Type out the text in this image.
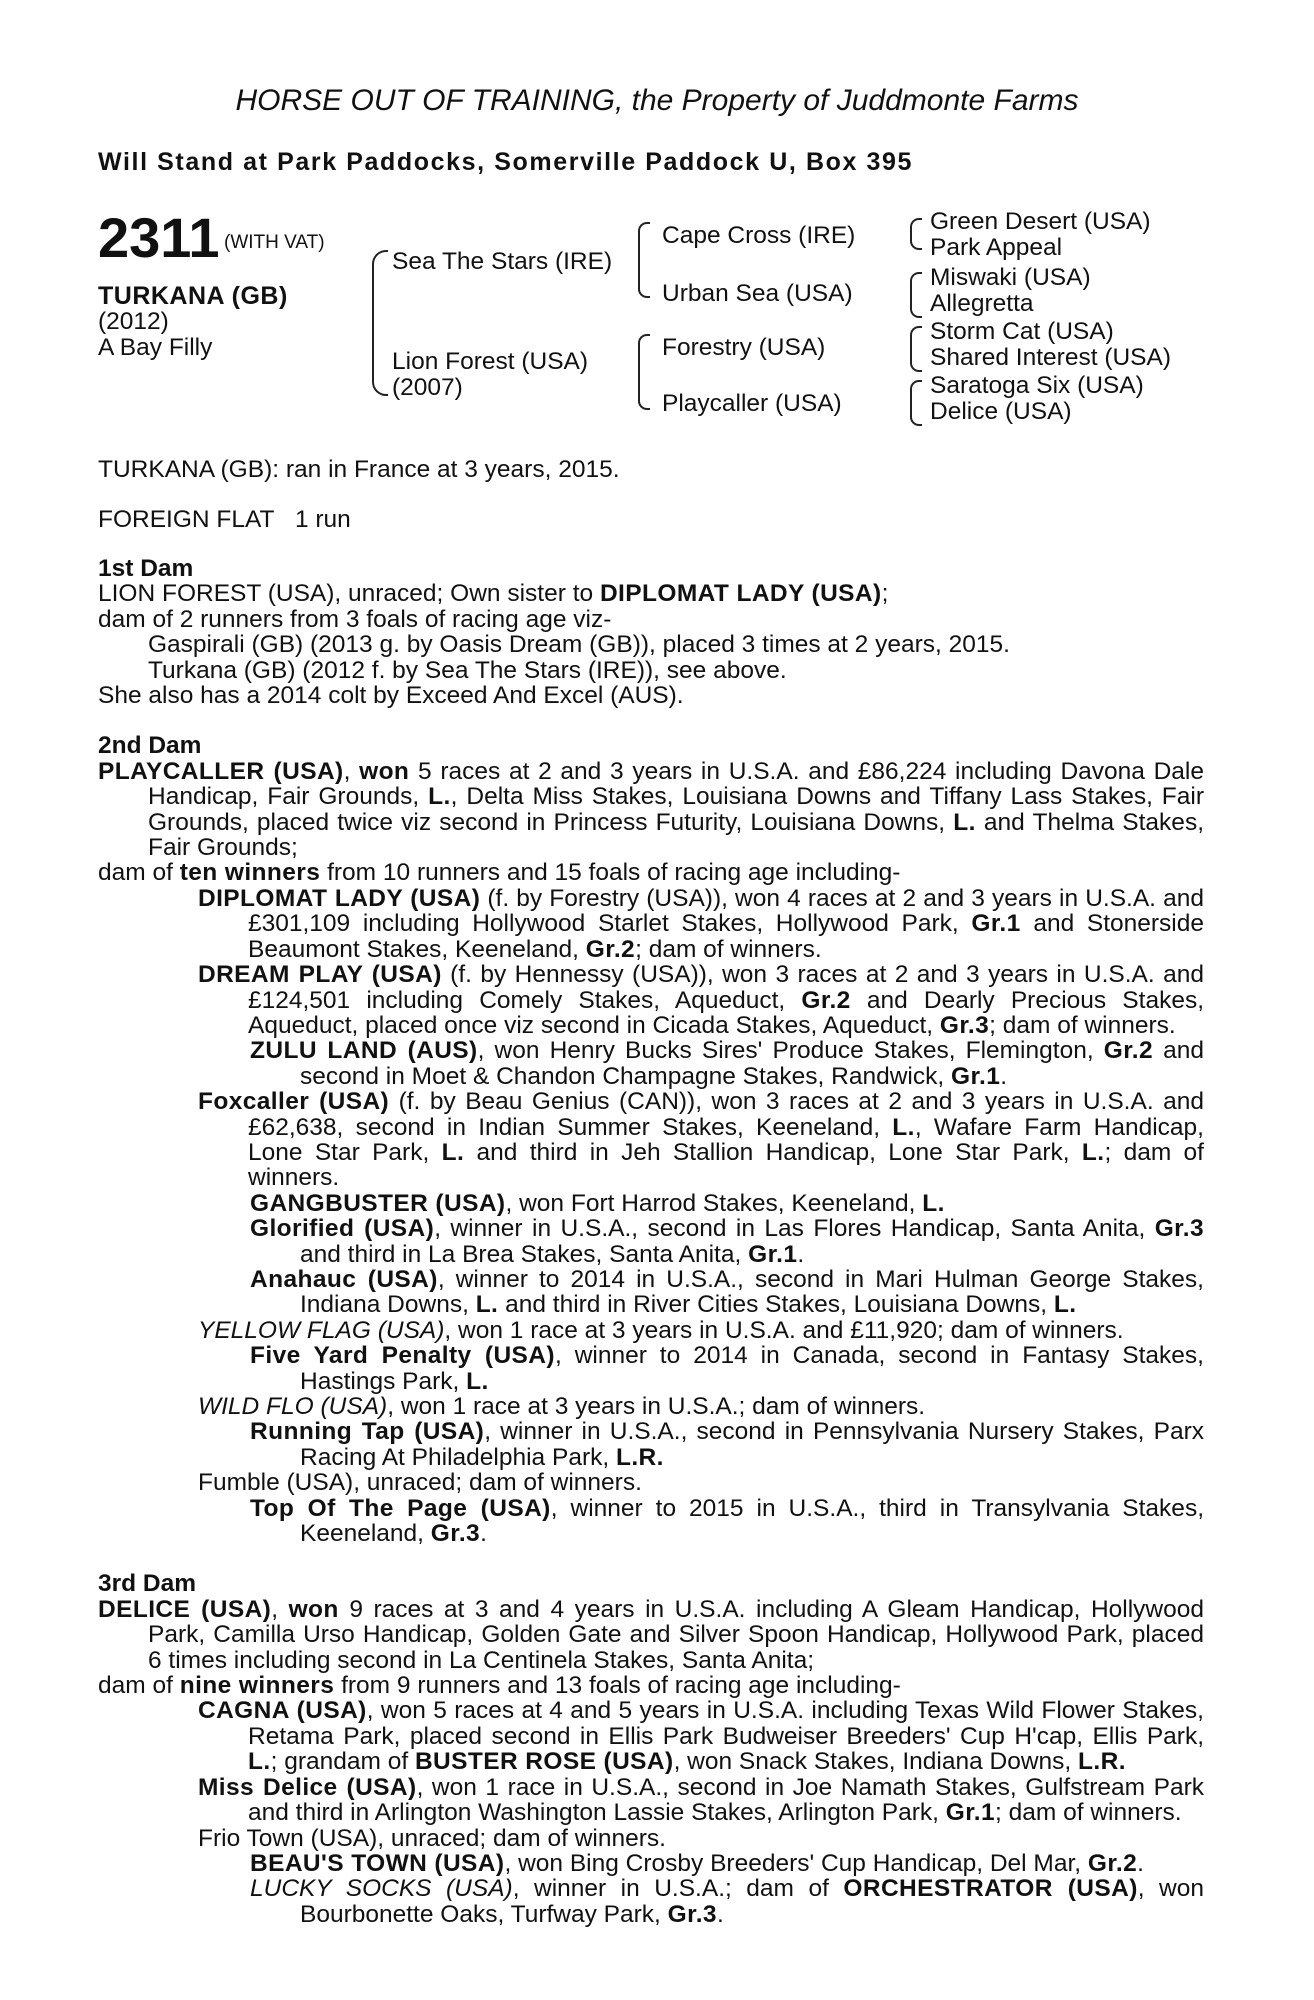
HORSE OUT OF TRAINING, the Property of Juddmonte Farms
Will Stand at Park Paddocks, Somerville Paddock U, Box 395
2311 (WITH VAT)
TURKANA (GB)
(2012)
A Bay Filly
Sea The Stars (IRE)
Lion Forest (USA)
(2007)
Cape Cross (IRE)
Urban Sea (USA)
Forestry (USA)
Playcaller (USA)
Green Desert (USA)
Park Appeal
Miswaki (USA)
Allegretta
Storm Cat (USA)
Shared Interest (USA)
Saratoga Six (USA)
Delice (USA)
TURKANA (GB): ran in France at 3 years, 2015.
FOREIGN FLAT 1 run

1st Dam

LION FOREST (USA), unraced; Own sister to DIPLOMAT LADY (USA);

dam of 2 runners from 3 foals of racing age viz-

Gaspirali (GB) (2013 g. by Oasis Dream (GB)), placed 3 times at 2 years, 2015.

Turkana (GB) (2012 f. by Sea The Stars (IRE)), see above.

She also has a 2014 colt by Exceed And Excel (AUS).

2nd Dam

PLAYCALLER (USA), won 5 races at 2 and 3 years in U.S.A. and £86,224 including Davona Dale Handicap, Fair Grounds, L., Delta Miss Stakes, Louisiana Downs and Tiffany Lass Stakes, Fair Grounds, placed twice viz second in Princess Futurity, Louisiana Downs, L. and Thelma Stakes, Fair Grounds;

dam of ten winners from 10 runners and 15 foals of racing age including-

DIPLOMAT LADY (USA) (f. by Forestry (USA)), won 4 races at 2 and 3 years in U.S.A. and £301,109 including Hollywood Starlet Stakes, Hollywood Park, Gr.1 and Stonerside Beaumont Stakes, Keeneland, Gr.2; dam of winners.

DREAM PLAY (USA) (f. by Hennessy (USA)), won 3 races at 2 and 3 years in U.S.A. and £124,501 including Comely Stakes, Aqueduct, Gr.2 and Dearly Precious Stakes, Aqueduct, placed once viz second in Cicada Stakes, Aqueduct, Gr.3; dam of winners.

ZULU LAND (AUS), won Henry Bucks Sires' Produce Stakes, Flemington, Gr.2 and second in Moet & Chandon Champagne Stakes, Randwick, Gr.1.

Foxcaller (USA) (f. by Beau Genius (CAN)), won 3 races at 2 and 3 years in U.S.A. and £62,638, second in Indian Summer Stakes, Keeneland, L., Wafare Farm Handicap, Lone Star Park, L. and third in Jeh Stallion Handicap, Lone Star Park, L.; dam of winners.

GANGBUSTER (USA), won Fort Harrod Stakes, Keeneland, L.

Glorified (USA), winner in U.S.A., second in Las Flores Handicap, Santa Anita, Gr.3 and third in La Brea Stakes, Santa Anita, Gr.1.

Anahauc (USA), winner to 2014 in U.S.A., second in Mari Hulman George Stakes, Indiana Downs, L. and third in River Cities Stakes, Louisiana Downs, L.

YELLOW FLAG (USA), won 1 race at 3 years in U.S.A. and £11,920; dam of winners.

Five Yard Penalty (USA), winner to 2014 in Canada, second in Fantasy Stakes, Hastings Park, L.

WILD FLO (USA), won 1 race at 3 years in U.S.A.; dam of winners.

Running Tap (USA), winner in U.S.A., second in Pennsylvania Nursery Stakes, Parx Racing At Philadelphia Park, L.R.

Fumble (USA), unraced; dam of winners.

Top Of The Page (USA), winner to 2015 in U.S.A., third in Transylvania Stakes, Keeneland, Gr.3.

3rd Dam

DELICE (USA), won 9 races at 3 and 4 years in U.S.A. including A Gleam Handicap, Hollywood Park, Camilla Urso Handicap, Golden Gate and Silver Spoon Handicap, Hollywood Park, placed 6 times including second in La Centinela Stakes, Santa Anita;

dam of nine winners from 9 runners and 13 foals of racing age including-

CAGNA (USA), won 5 races at 4 and 5 years in U.S.A. including Texas Wild Flower Stakes, Retama Park, placed second in Ellis Park Budweiser Breeders' Cup H'cap, Ellis Park, L.; grandam of BUSTER ROSE (USA), won Snack Stakes, Indiana Downs, L.R.

Miss Delice (USA), won 1 race in U.S.A., second in Joe Namath Stakes, Gulfstream Park and third in Arlington Washington Lassie Stakes, Arlington Park, Gr.1; dam of winners.

Frio Town (USA), unraced; dam of winners.

BEAU'S TOWN (USA), won Bing Crosby Breeders' Cup Handicap, Del Mar, Gr.2.

LUCKY SOCKS (USA), winner in U.S.A.; dam of ORCHESTRATOR (USA), won Bourbonette Oaks, Turfway Park, Gr.3.
